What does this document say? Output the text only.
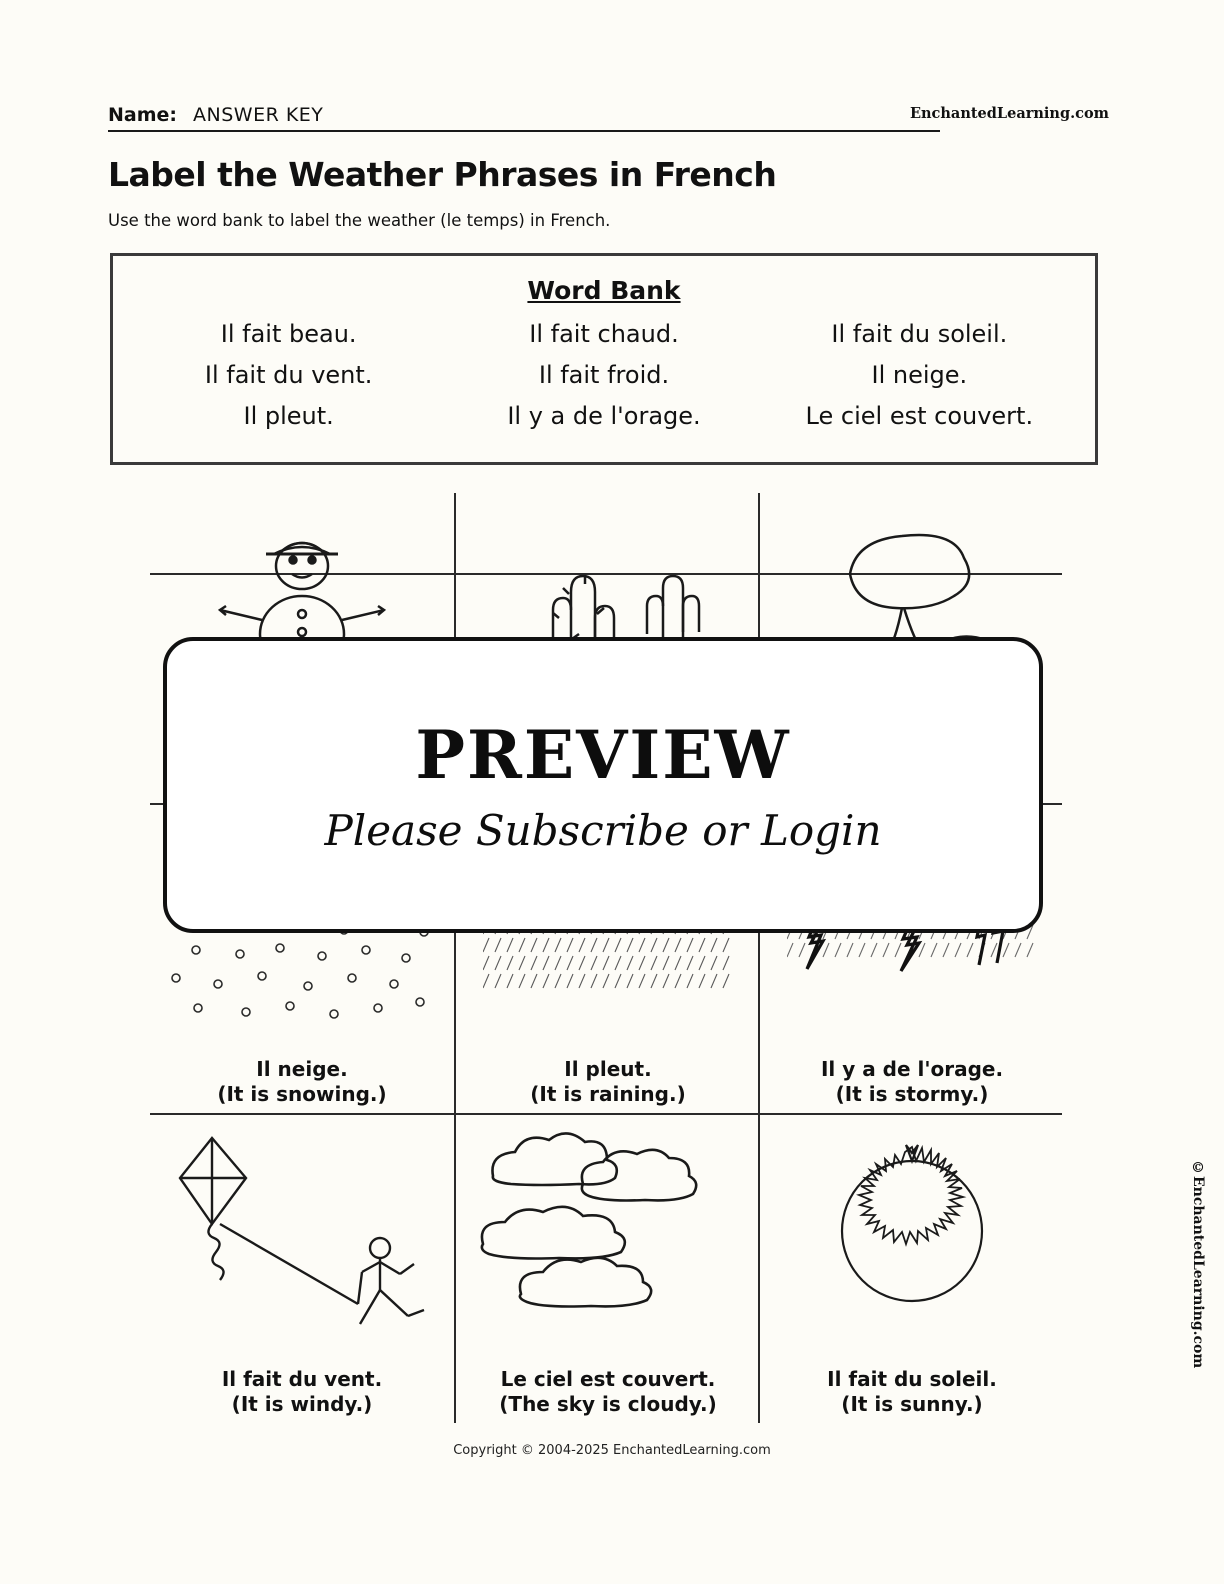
Name: ANSWER KEY	EnchantedLearning.com
Label the Weather Phrases in French
Use the word bank to label the weather (le temps) in French.
Word Bank
Il fait beau.	Il fait chaud.	Il fait du soleil.
Il fait du vent.	Il fait froid.	Il neige.
Il pleut.	Il y a de l'orage.	Le ciel est couvert.
Il neige.
(It is snowing.)
Il pleut.
(It is raining.)
Il y a de l'orage.
(It is stormy.)
Il fait du vent.
(It is windy.)
Le ciel est couvert.
(The sky is cloudy.)
Il fait du soleil.
(It is sunny.)
©EnchantedLearning.com
Copyright © 2004-2025 EnchantedLearning.com
PREVIEW
Please Subscribe or Login
